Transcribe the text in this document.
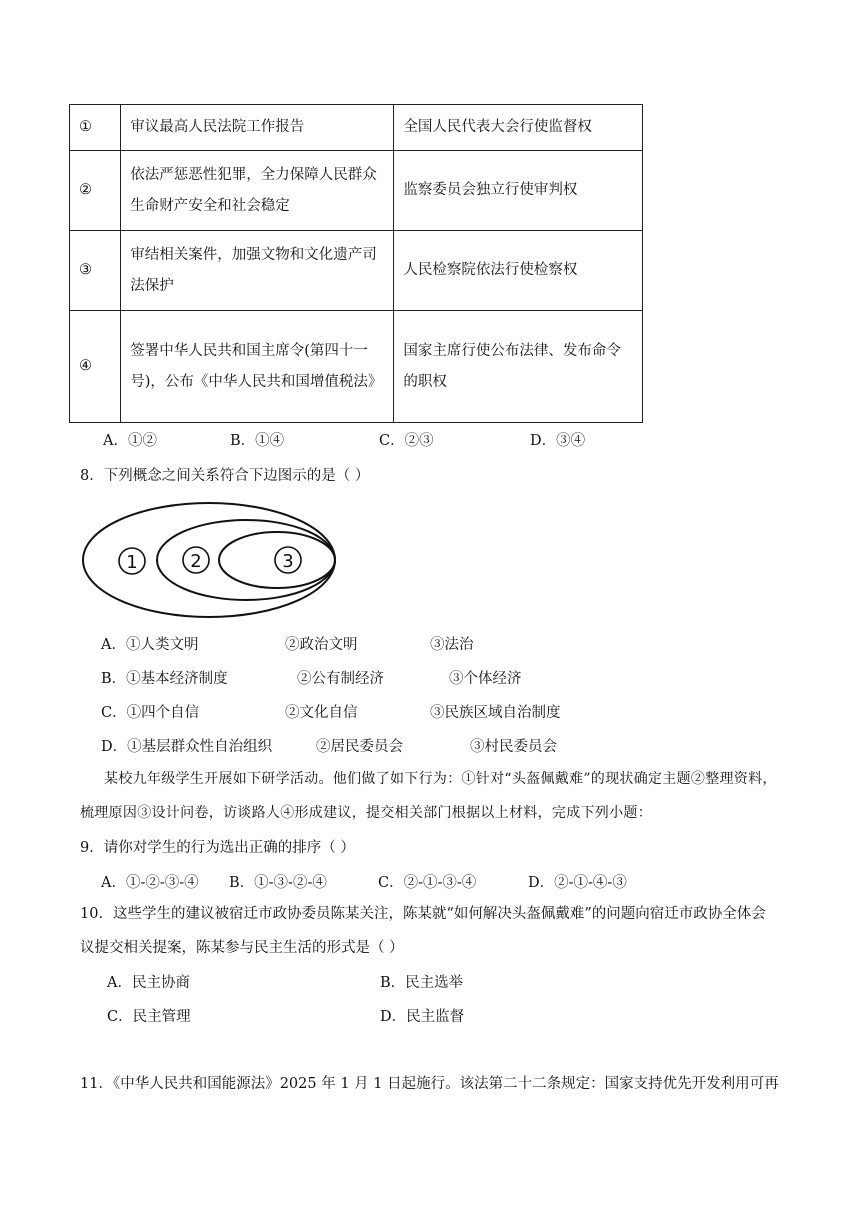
①	审议最高人民法院工作报告	全国人民代表大会行使监督权
②	依法严惩恶性犯罪，全力保障人民群众生命财产安全和社会稳定	监察委员会独立行使审判权
③	审结相关案件，加强文物和文化遗产司法保护	人民检察院依法行使检察权
④	签署中华人民共和国主席令(第四十一号)，公布《中华人民共和国增值税法》	国家主席行使公布法律、发布命令的职权
A．①②	B．①④	C．②③	D．③④
8．下列概念之间关系符合下边图示的是（ ）
1	2	3
A．①人类文明	②政治文明	③法治
B．①基本经济制度	②公有制经济	③个体经济
C．①四个自信	②文化自信	③民族区域自治制度
D．①基层群众性自治组织	②居民委员会	③村民委员会
某校九年级学生开展如下研学活动。他们做了如下行为：①针对“头盔佩戴难”的现状确定主题②整理资料，梳理原因③设计问卷，访谈路人④形成建议，提交相关部门根据以上材料，完成下列小题：
9．请你对学生的行为选出正确的排序（ ）
A．①-②-③-④ B．①-③-②-④	C．②-①-③-④	D．②-①-④-③
10．这些学生的建议被宿迁市政协委员陈某关注，陈某就“如何解决头盔佩戴难”的问题向宿迁市政协全体会议提交相关提案，陈某参与民主生活的形式是（ ）
A．民主协商	B．民主选举
C．民主管理	D．民主监督
11．《中华人民共和国能源法》2025 年 1 月 1 日起施行。该法第二十二条规定：国家支持优先开发利用可再
